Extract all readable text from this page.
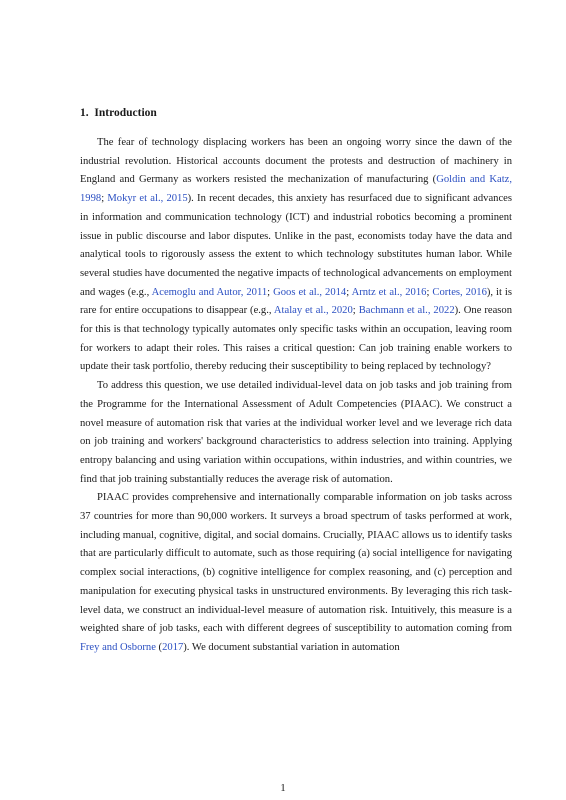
1. Introduction

The fear of technology displacing workers has been an ongoing worry since the dawn of the industrial revolution. Historical accounts document the protests and destruction of machinery in England and Germany as workers resisted the mechanization of manufacturing (Goldin and Katz, 1998; Mokyr et al., 2015). In recent decades, this anxiety has resurfaced due to significant advances in information and communication technology (ICT) and industrial robotics becoming a prominent issue in public discourse and labor disputes. Unlike in the past, economists today have the data and analytical tools to rigorously assess the extent to which technology substitutes human labor. While several studies have documented the negative impacts of technological advancements on employment and wages (e.g., Acemoglu and Autor, 2011; Goos et al., 2014; Arntz et al., 2016; Cortes, 2016), it is rare for entire occupations to disappear (e.g., Atalay et al., 2020; Bachmann et al., 2022). One reason for this is that technology typically automates only specific tasks within an occupation, leaving room for workers to adapt their roles. This raises a critical question: Can job training enable workers to update their task portfolio, thereby reducing their susceptibility to being replaced by technology?

To address this question, we use detailed individual-level data on job tasks and job training from the Programme for the International Assessment of Adult Competencies (PIAAC). We construct a novel measure of automation risk that varies at the individual worker level and we leverage rich data on job training and workers' background characteristics to address selection into training. Applying entropy balancing and using variation within occupations, within industries, and within countries, we find that job training substantially reduces the average risk of automation.

PIAAC provides comprehensive and internationally comparable information on job tasks across 37 countries for more than 90,000 workers. It surveys a broad spectrum of tasks performed at work, including manual, cognitive, digital, and social domains. Crucially, PIAAC allows us to identify tasks that are particularly difficult to automate, such as those requiring (a) social intelligence for navigating complex social interactions, (b) cognitive intelligence for complex reasoning, and (c) perception and manipulation for executing physical tasks in unstructured environments. By leveraging this rich task-level data, we construct an individual-level measure of automation risk. Intuitively, this measure is a weighted share of job tasks, each with different degrees of susceptibility to automation coming from Frey and Osborne (2017). We document substantial variation in automation

1
